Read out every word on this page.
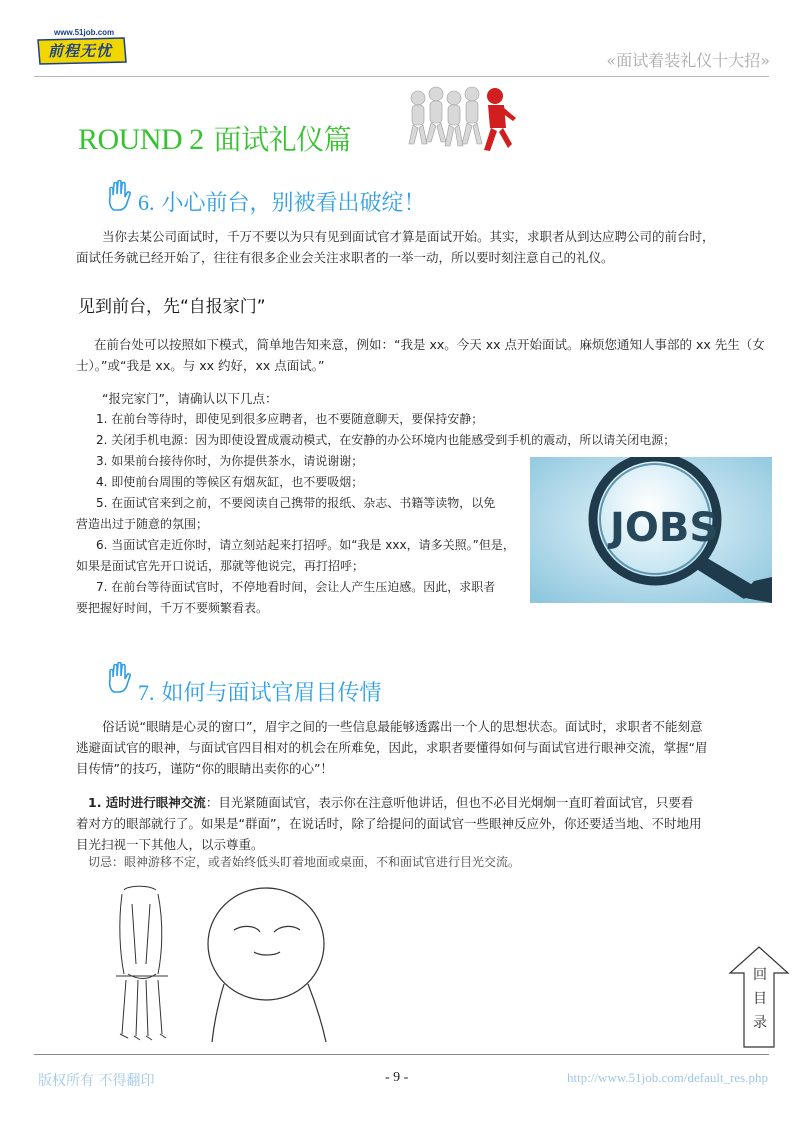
www.51job.com
前程无忧	«面试着装礼仪十大招»
ROUND 2 面试礼仪篇
6. 小心前台，别被看出破绽！
当你去某公司面试时，千万不要以为只有见到面试官才算是面试开始。其实，求职者从到达应聘公司的前台时，
面试任务就已经开始了，往往有很多企业会关注求职者的一举一动，所以要时刻注意自己的礼仪。
见到前台，先“自报家门”
在前台处可以按照如下模式，简单地告知来意，例如：“我是 xx。今天 xx 点开始面试。麻烦您通知人事部的 xx 先生（女
士）。”或“我是 xx。与 xx 约好，xx 点面试。”
“报完家门”，请确认以下几点：
1. 在前台等待时，即使见到很多应聘者，也不要随意聊天，要保持安静；
2. 关闭手机电源：因为即使设置成震动模式，在安静的办公环境内也能感受到手机的震动，所以请关闭电源；
3. 如果前台接待你时，为你提供茶水，请说谢谢；
4. 即使前台周围的等候区有烟灰缸，也不要吸烟；
5. 在面试官来到之前，不要阅读自己携带的报纸、杂志、书籍等读物，以免
营造出过于随意的氛围；
6. 当面试官走近你时，请立刻站起来打招呼。如“我是 xxx，请多关照。”但是，
如果是面试官先开口说话，那就等他说完，再打招呼；
7. 在前台等待面试官时，不停地看时间，会让人产生压迫感。因此，求职者
要把握好时间，千万不要频繁看表。
JOBS
7. 如何与面试官眉目传情
俗话说“眼睛是心灵的窗口”，眉宇之间的一些信息最能够透露出一个人的思想状态。面试时，求职者不能刻意
逃避面试官的眼神，与面试官四目相对的机会在所难免，因此，求职者要懂得如何与面试官进行眼神交流，掌握“眉
目传情”的技巧，谨防“你的眼睛出卖你的心”！
1. 适时进行眼神交流：目光紧随面试官，表示你在注意听他讲话，但也不必目光炯炯一直盯着面试官，只要看
着对方的眼部就行了。如果是“群面”，在说话时，除了给提问的面试官一些眼神反应外，你还要适当地、不时地用
目光扫视一下其他人，以示尊重。
切忌：眼神游移不定，或者始终低头盯着地面或桌面，不和面试官进行目光交流。
回
目
录
版权所有 不得翻印	- 9 -	http://www.51job.com/default_res.php
